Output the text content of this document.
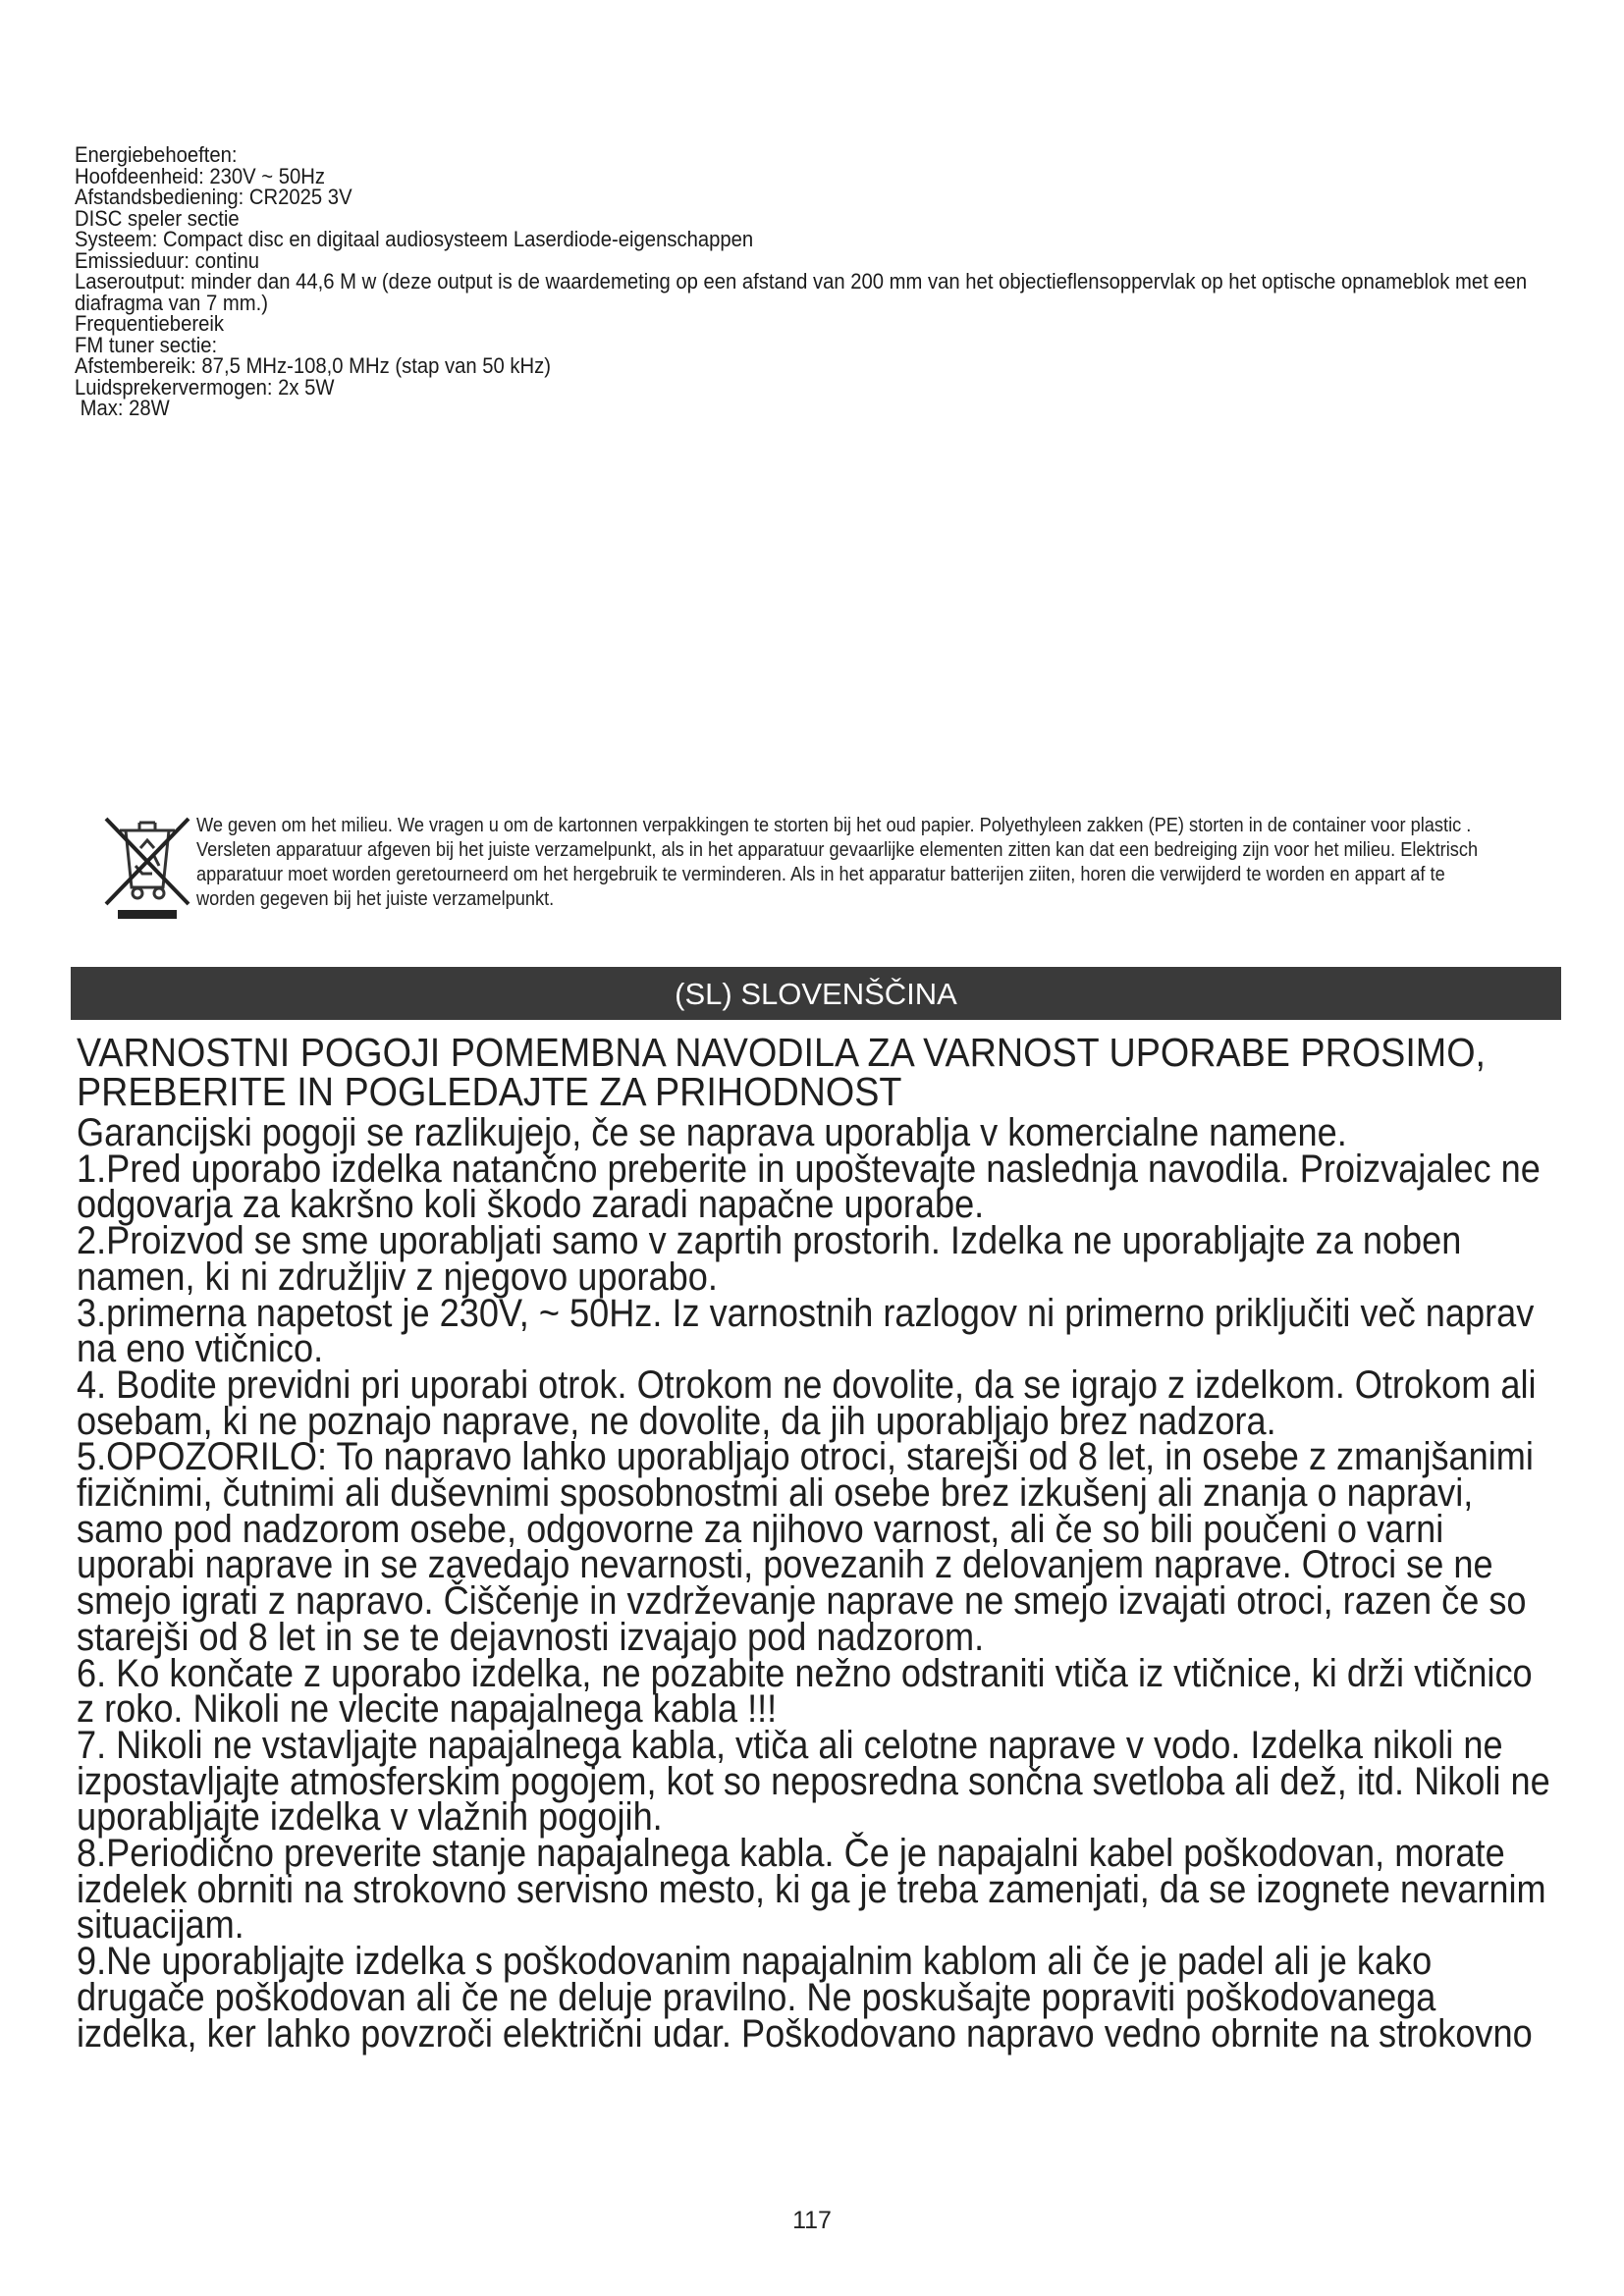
Energiebehoeften:
Hoofdeenheid: 230V ~ 50Hz
Afstandsbediening: CR2025 3V
DISC speler sectie
Systeem: Compact disc en digitaal audiosysteem Laserdiode-eigenschappen
Emissieduur: continu
Laseroutput: minder dan 44,6 M w (deze output is de waardemeting op een afstand van 200 mm van het objectieflensoppervlak op het optische opnameblok met een diafragma van 7 mm.)
Frequentiebereik
FM tuner sectie:
Afstembereik: 87,5 MHz-108,0 MHz (stap van 50 kHz)
Luidsprekervermogen: 2x 5W
Max: 28W
We geven om het milieu. We vragen u om de kartonnen verpakkingen te storten bij het oud papier. Polyethyleen zakken (PE) storten in de container voor plastic . Versleten apparatuur afgeven bij het juiste verzamelpunkt, als in het apparatuur gevaarlijke elementen zitten kan dat een bedreiging zijn voor het milieu. Elektrisch apparatuur moet worden geretourneerd om het hergebruik te verminderen. Als in het apparatur batterijen ziiten, horen die verwijderd te worden en appart af te worden gegeven bij het juiste verzamelpunkt.
(SL) SLOVENŠČINA
VARNOSTNI POGOJI POMEMBNA NAVODILA ZA VARNOST UPORABE PROSIMO, PREBERITE IN POGLEDAJTE ZA PRIHODNOST

Garancijski pogoji se razlikujejo, če se naprava uporablja v komercialne namene.

1.Pred uporabo izdelka natančno preberite in upoštevajte naslednja navodila. Proizvajalec ne odgovarja za kakršno koli škodo zaradi napačne uporabe.

2.Proizvod se sme uporabljati samo v zaprtih prostorih. Izdelka ne uporabljajte za noben namen, ki ni združljiv z njegovo uporabo.

3.primerna napetost je 230V, ~ 50Hz. Iz varnostnih razlogov ni primerno priključiti več naprav na eno vtičnico.

4. Bodite previdni pri uporabi otrok. Otrokom ne dovolite, da se igrajo z izdelkom. Otrokom ali osebam, ki ne poznajo naprave, ne dovolite, da jih uporabljajo brez nadzora.

5.OPOZORILO: To napravo lahko uporabljajo otroci, starejši od 8 let, in osebe z zmanjšanimi fizičnimi, čutnimi ali duševnimi sposobnostmi ali osebe brez izkušenj ali znanja o napravi, samo pod nadzorom osebe, odgovorne za njihovo varnost, ali če so bili poučeni o varni uporabi naprave in se zavedajo nevarnosti, povezanih z delovanjem naprave. Otroci se ne smejo igrati z napravo. Čiščenje in vzdrževanje naprave ne smejo izvajati otroci, razen če so starejši od 8 let in se te dejavnosti izvajajo pod nadzorom.

6. Ko končate z uporabo izdelka, ne pozabite nežno odstraniti vtiča iz vtičnice, ki drži vtičnico z roko. Nikoli ne vlecite napajalnega kabla !!!

7. Nikoli ne vstavljajte napajalnega kabla, vtiča ali celotne naprave v vodo. Izdelka nikoli ne izpostavljajte atmosferskim pogojem, kot so neposredna sončna svetloba ali dež, itd. Nikoli ne uporabljajte izdelka v vlažnih pogojih.

8.Periodično preverite stanje napajalnega kabla. Če je napajalni kabel poškodovan, morate izdelek obrniti na strokovno servisno mesto, ki ga je treba zamenjati, da se izognete nevarnim situacijam.

9.Ne uporabljajte izdelka s poškodovanim napajalnim kablom ali če je padel ali je kako drugače poškodovan ali če ne deluje pravilno. Ne poskušajte popraviti poškodovanega izdelka, ker lahko povzroči električni udar. Poškodovano napravo vedno obrnite na strokovno

117
